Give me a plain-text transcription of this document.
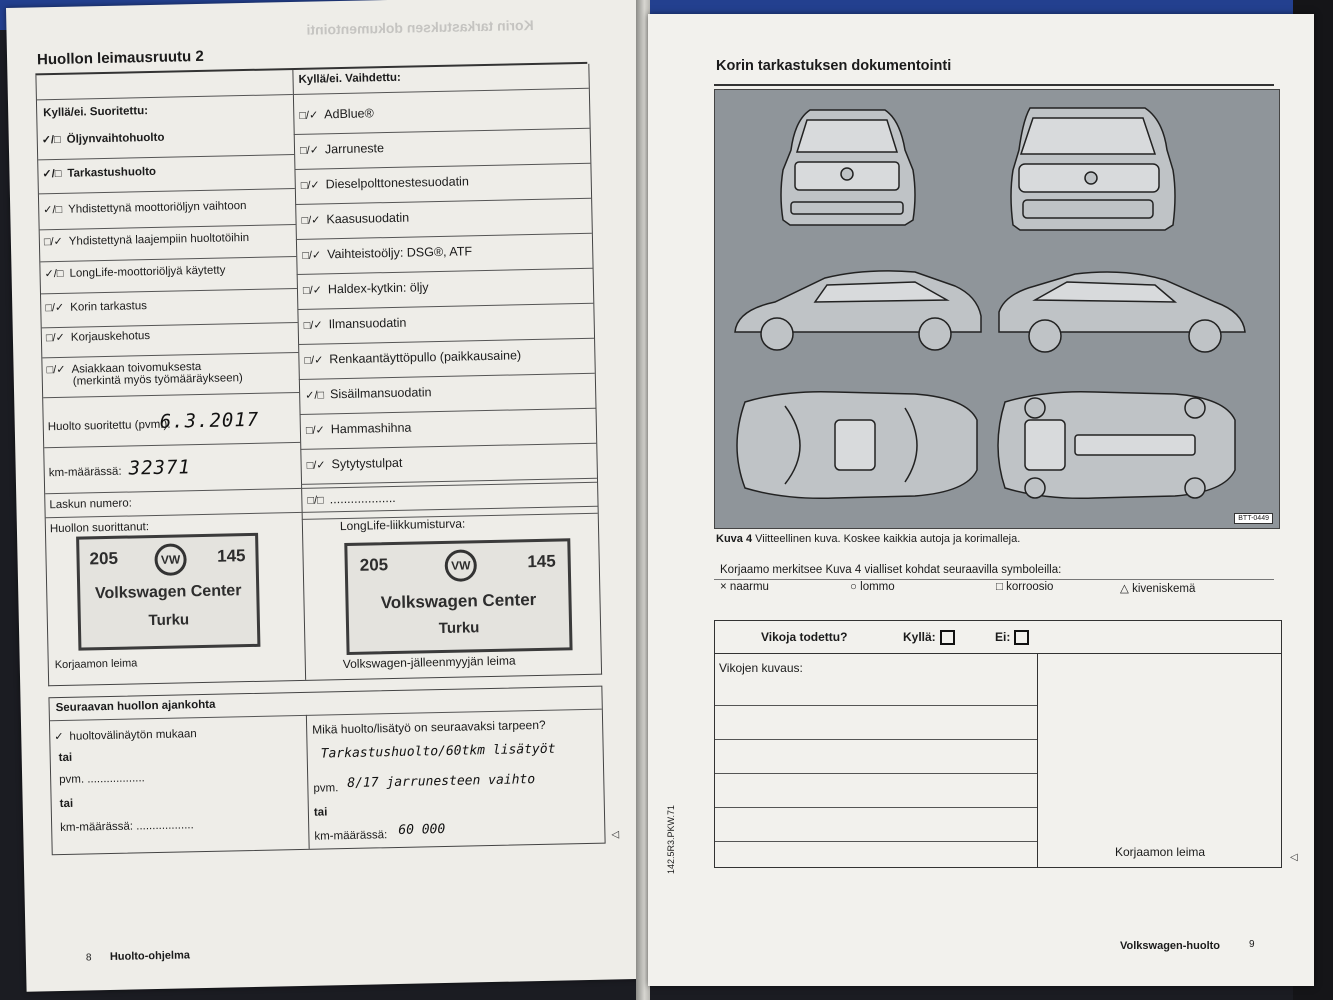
Korin tarkastuksen dokumentointi
Huollon leimausruutu 2
Kyllä/ei. Suoritettu:
Kyllä/ei. Vaihdettu:
✓/□ Öljynvaihtohuolto
✓/□ Tarkastushuolto
✓/□ Yhdistettynä moottoriöljyn vaihtoon
□/✓ Yhdistettynä laajempiin huoltotöihin
✓/□ LongLife-moottoriöljyä käytetty
□/✓ Korin tarkastus
□/✓ Korjauskehotus
□/✓ Asiakkaan toivomuksesta
(merkintä myös työmääräykseen)
□/✓ AdBlue®
□/✓ Jarruneste
□/✓ Dieselpolttonestesuodatin
□/✓ Kaasusuodatin
□/✓ Vaihteistoöljy: DSG®, ATF
□/✓ Haldex-kytkin: öljy
□/✓ Ilmansuodatin
□/✓ Renkaantäyttöpullo (paikkausaine)
✓/□ Sisäilmansuodatin
□/✓ Hammashihna
□/✓ Sytytystulpat
□/□ ...................
Huolto suoritettu (pvm.):
6.3.2017
km-määrässä: 32371
Laskun numero:
Huollon suorittanut:	LongLife-liikkumisturva:
205	VW	145
Volkswagen Center
Turku
205	VW	145
Volkswagen Center
Turku
Korjaamon leima	Volkswagen-jälleenmyyjän leima
Seuraavan huollon ajankohta
✓ huoltovälinäytön mukaan
tai
pvm. ..................
tai
km-määrässä: ..................
Mikä huolto/lisätyö on seuraavaksi tarpeen?
Tarkastushuolto/60tkm lisätyöt
pvm. 8/17 jarrunesteen vaihto
tai
km-määrässä: 60 000	◁
8 Huolto-ohjelma
Korin tarkastuksen dokumentointi
BTT-0449
Kuva 4 Viitteellinen kuva. Koskee kaikkia autoja ja korimalleja.
Korjaamo merkitsee Kuva 4 vialliset kohdat seuraavilla symboleilla:
× naarmu	○ lommo	□ korroosio	△ kiveniskemä
Vikoja todettu?	Kyllä:	Ei:
Vikojen kuvaus:
Korjaamon leima	◁
142.5R3.PKW.71
Volkswagen-huolto	9
